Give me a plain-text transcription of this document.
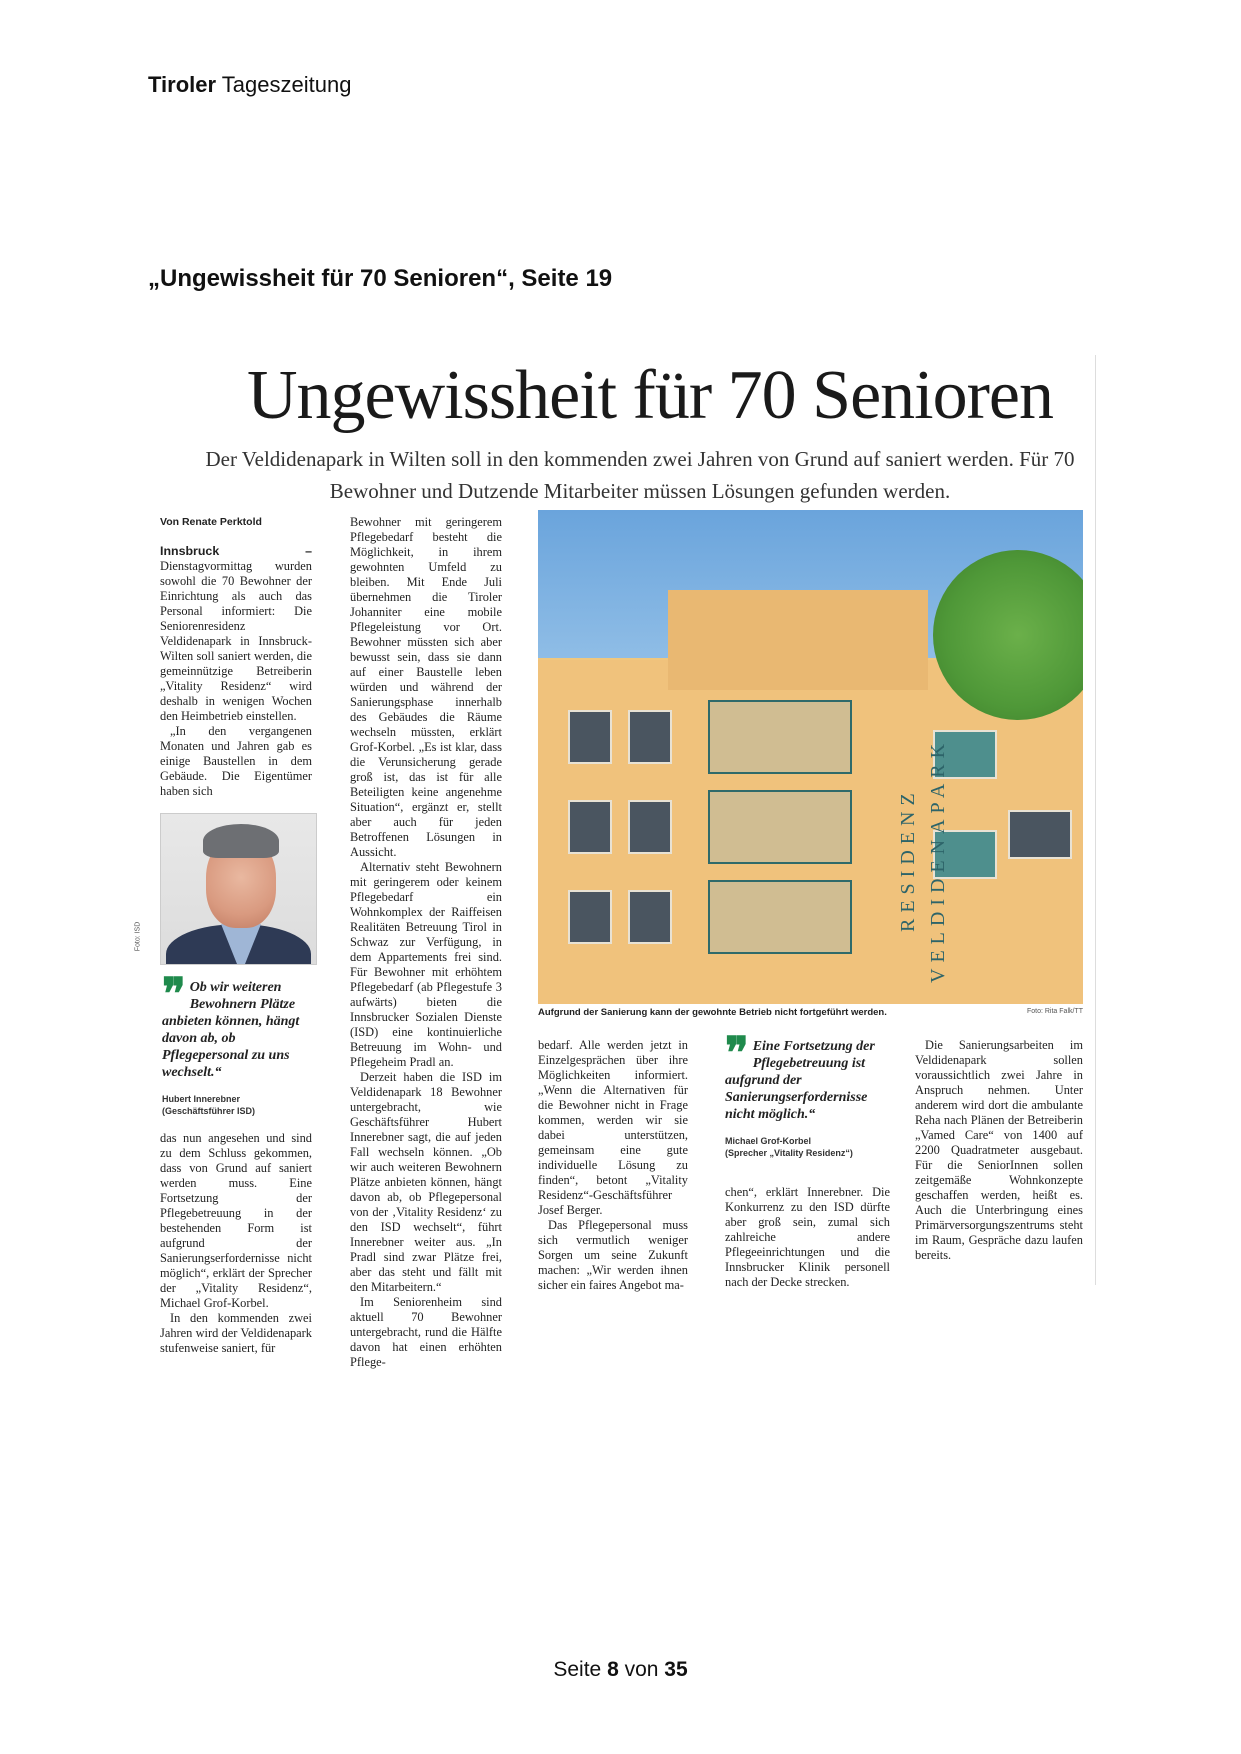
Tiroler Tageszeitung
„Ungewissheit für 70 Senioren“, Seite 19
Ungewissheit für 70 Senioren
Der Veldidenapark in Wilten soll in den kommenden zwei Jahren von Grund auf saniert werden. Für 70 Bewohner und Dutzende Mitarbeiter müssen Lösungen gefunden werden.
Von Renate Perktold

Innsbruck – Dienstagvormittag wurden sowohl die 70 Bewohner der Einrichtung als auch das Personal informiert: Die Seniorenresidenz Veldidenapark in Innsbruck-Wilten soll saniert werden, die gemeinnützige Betreiberin „Vitality Residenz“ wird deshalb in wenigen Wochen den Heimbetrieb einstellen.

„In den vergangenen Monaten und Jahren gab es einige Baustellen in dem Gebäude. Die Eigentümer haben sich

Foto: ISD
❞ Ob wir weiteren Bewohnern Plätze anbieten können, hängt davon ab, ob Pflegepersonal zu uns wechselt.“
Hubert Innerebner
(Geschäftsführer ISD)

das nun angesehen und sind zu dem Schluss gekommen, dass von Grund auf saniert werden muss. Eine Fortsetzung der Pflegebetreuung in der bestehenden Form ist aufgrund der Sanierungserfordernisse nicht möglich“, erklärt der Sprecher der „Vitality Residenz“, Michael Grof-Korbel.

In den kommenden zwei Jahren wird der Veldidenapark stufenweise saniert, für

Bewohner mit geringerem Pflegebedarf besteht die Möglichkeit, in ihrem gewohnten Umfeld zu bleiben. Mit Ende Juli übernehmen die Tiroler Johanniter eine mobile Pflegeleistung vor Ort. Bewohner müssten sich aber bewusst sein, dass sie dann auf einer Baustelle leben würden und während der Sanierungsphase innerhalb des Gebäudes die Räume wechseln müssten, erklärt Grof-Korbel. „Es ist klar, dass die Verunsicherung gerade groß ist, das ist für alle Beteiligten keine angenehme Situation“, ergänzt er, stellt aber auch für jeden Betroffenen Lösungen in Aussicht.

Alternativ steht Bewohnern mit geringerem oder keinem Pflegebedarf ein Wohnkomplex der Raiffeisen Realitäten Betreuung Tirol in Schwaz zur Verfügung, in dem Appartements frei sind. Für Bewohner mit erhöhtem Pflegebedarf (ab Pflegestufe 3 aufwärts) bieten die Innsbrucker Sozialen Dienste (ISD) eine kontinuierliche Betreuung im Wohn- und Pflegeheim Pradl an.

Derzeit haben die ISD im Veldidenapark 18 Bewohner untergebracht, wie Geschäftsführer Hubert Innerebner sagt, die auf jeden Fall wechseln können. „Ob wir auch weiteren Bewohnern Plätze anbieten können, hängt davon ab, ob Pflegepersonal von der ‚Vitality Residenz‘ zu den ISD wechselt“, führt Innerebner weiter aus. „In Pradl sind zwar Plätze frei, aber das steht und fällt mit den Mitarbeitern.“

Im Seniorenheim sind aktuell 70 Bewohner untergebracht, rund die Hälfte davon hat einen erhöhten Pflege-

RESIDENZ VELDIDENAPARK
Aufgrund der Sanierung kann der gewohnte Betrieb nicht fortgeführt werden.	Foto: Rita Falk/TT

bedarf. Alle werden jetzt in Einzelgesprächen über ihre Möglichkeiten informiert. „Wenn die Alternativen für die Bewohner nicht in Frage kommen, werden wir sie dabei unterstützen, gemeinsam eine gute individuelle Lösung zu finden“, betont „Vitality Residenz“-Geschäftsführer Josef Berger.

Das Pflegepersonal muss sich vermutlich weniger Sorgen um seine Zukunft machen: „Wir werden ihnen sicher ein faires Angebot ma-

❞ Eine Fortsetzung der Pflegebetreuung ist aufgrund der Sanierungserfordernisse nicht möglich.“
Michael Grof-Korbel
(Sprecher „Vitality Residenz“)

chen“, erklärt Innerebner. Die Konkurrenz zu den ISD dürfte aber groß sein, zumal sich zahlreiche andere Pflegeeinrichtungen und die Innsbrucker Klinik personell nach der Decke strecken.

Die Sanierungsarbeiten im Veldidenapark sollen voraussichtlich zwei Jahre in Anspruch nehmen. Unter anderem wird dort die ambulante Reha nach Plänen der Betreiberin „Vamed Care“ von 1400 auf 2200 Quadratmeter ausgebaut. Für die SeniorInnen sollen zeitgemäße Wohnkonzepte geschaffen werden, heißt es. Auch die Unterbringung eines Primärversorgungszentrums steht im Raum, Gespräche dazu laufen bereits.

Seite 8 von 35
